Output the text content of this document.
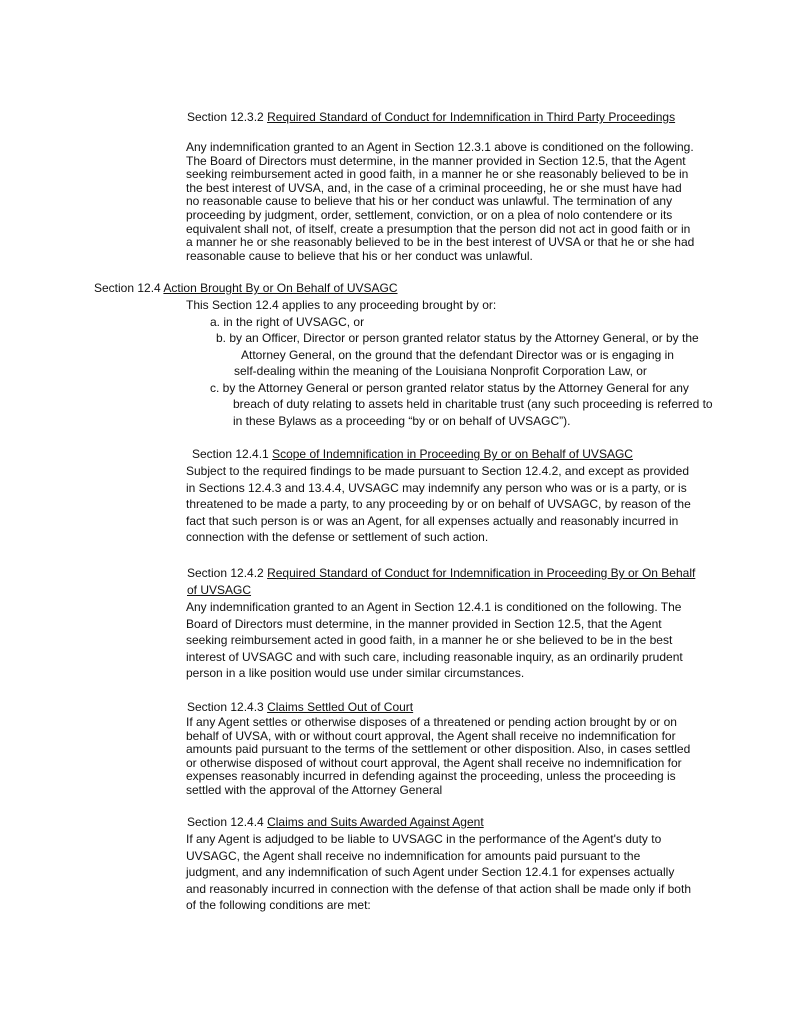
Section 12.3.2 Required Standard of Conduct for Indemnification in Third Party Proceedings
Any indemnification granted to an Agent in Section 12.3.1 above is conditioned on the following. The Board of Directors must determine, in the manner provided in Section 12.5, that the Agent seeking reimbursement acted in good faith, in a manner he or she reasonably believed to be in the best interest of UVSA, and, in the case of a criminal proceeding, he or she must have had no reasonable cause to believe that his or her conduct was unlawful. The termination of any proceeding by judgment, order, settlement, conviction, or on a plea of nolo contendere or its equivalent shall not, of itself, create a presumption that the person did not act in good faith or in a manner he or she reasonably believed to be in the best interest of UVSA or that he or she had reasonable cause to believe that his or her conduct was unlawful.
Section 12.4 Action Brought By or On Behalf of UVSAGC
This Section 12.4 applies to any proceeding brought by or:
a. in the right of UVSAGC, or
b. by an Officer, Director or person granted relator status by the Attorney General, or by the
Attorney General, on the ground that the defendant Director was or is engaging in
self-dealing within the meaning of the Louisiana Nonprofit Corporation Law, or
c. by the Attorney General or person granted relator status by the Attorney General for any
breach of duty relating to assets held in charitable trust (any such proceeding is referred to
in these Bylaws as a proceeding “by or on behalf of UVSAGC”).
Section 12.4.1 Scope of Indemnification in Proceeding By or on Behalf of UVSAGC
Subject to the required findings to be made pursuant to Section 12.4.2, and except as provided in Sections 12.4.3 and 13.4.4, UVSAGC may indemnify any person who was or is a party, or is threatened to be made a party, to any proceeding by or on behalf of UVSAGC, by reason of the fact that such person is or was an Agent, for all expenses actually and reasonably incurred in connection with the defense or settlement of such action.
Section 12.4.2 Required Standard of Conduct for Indemnification in Proceeding By or On Behalf of UVSAGC
Any indemnification granted to an Agent in Section 12.4.1 is conditioned on the following. The Board of Directors must determine, in the manner provided in Section 12.5, that the Agent seeking reimbursement acted in good faith, in a manner he or she believed to be in the best interest of UVSAGC and with such care, including reasonable inquiry, as an ordinarily prudent person in a like position would use under similar circumstances.
Section 12.4.3 Claims Settled Out of Court
If any Agent settles or otherwise disposes of a threatened or pending action brought by or on behalf of UVSA, with or without court approval, the Agent shall receive no indemnification for amounts paid pursuant to the terms of the settlement or other disposition. Also, in cases settled or otherwise disposed of without court approval, the Agent shall receive no indemnification for expenses reasonably incurred in defending against the proceeding, unless the proceeding is settled with the approval of the Attorney General
Section 12.4.4 Claims and Suits Awarded Against Agent
If any Agent is adjudged to be liable to UVSAGC in the performance of the Agent's duty to UVSAGC, the Agent shall receive no indemnification for amounts paid pursuant to the judgment, and any indemnification of such Agent under Section 12.4.1 for expenses actually and reasonably incurred in connection with the defense of that action shall be made only if both of the following conditions are met:
